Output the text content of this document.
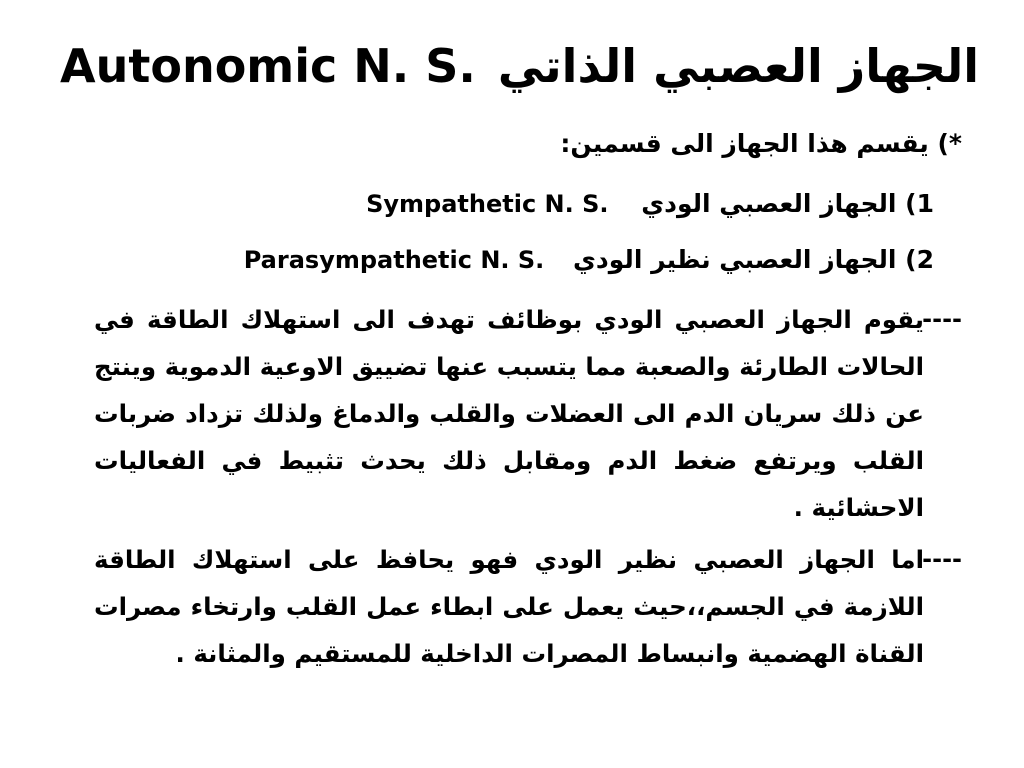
Autonomic N. S. الجهاز العصبي الذاتي
*) يقسم هذا الجهاز الى قسمين:
Sympathetic N. S. 1) الجهاز العصبي الودي
Parasympathetic N. S. 2) الجهاز العصبي نظير الودي
----
يقوم الجهاز العصبي الودي بوظائف تهدف الى استهلاك الطاقة في الحالات الطارئة والصعبة مما يتسبب عنها تضييق الاوعية الدموية وينتج عن ذلك سريان الدم الى العضلات والقلب والدماغ ولذلك تزداد ضربات القلب ويرتفع ضغط الدم ومقابل ذلك يحدث تثبيط في الفعاليات الاحشائية .
----
اما الجهاز العصبي نظير الودي فهو يحافظ على استهلاك الطاقة اللازمة في الجسم،،حيث يعمل على ابطاء عمل القلب وارتخاء مصرات القناة الهضمية وانبساط المصرات الداخلية للمستقيم والمثانة .
